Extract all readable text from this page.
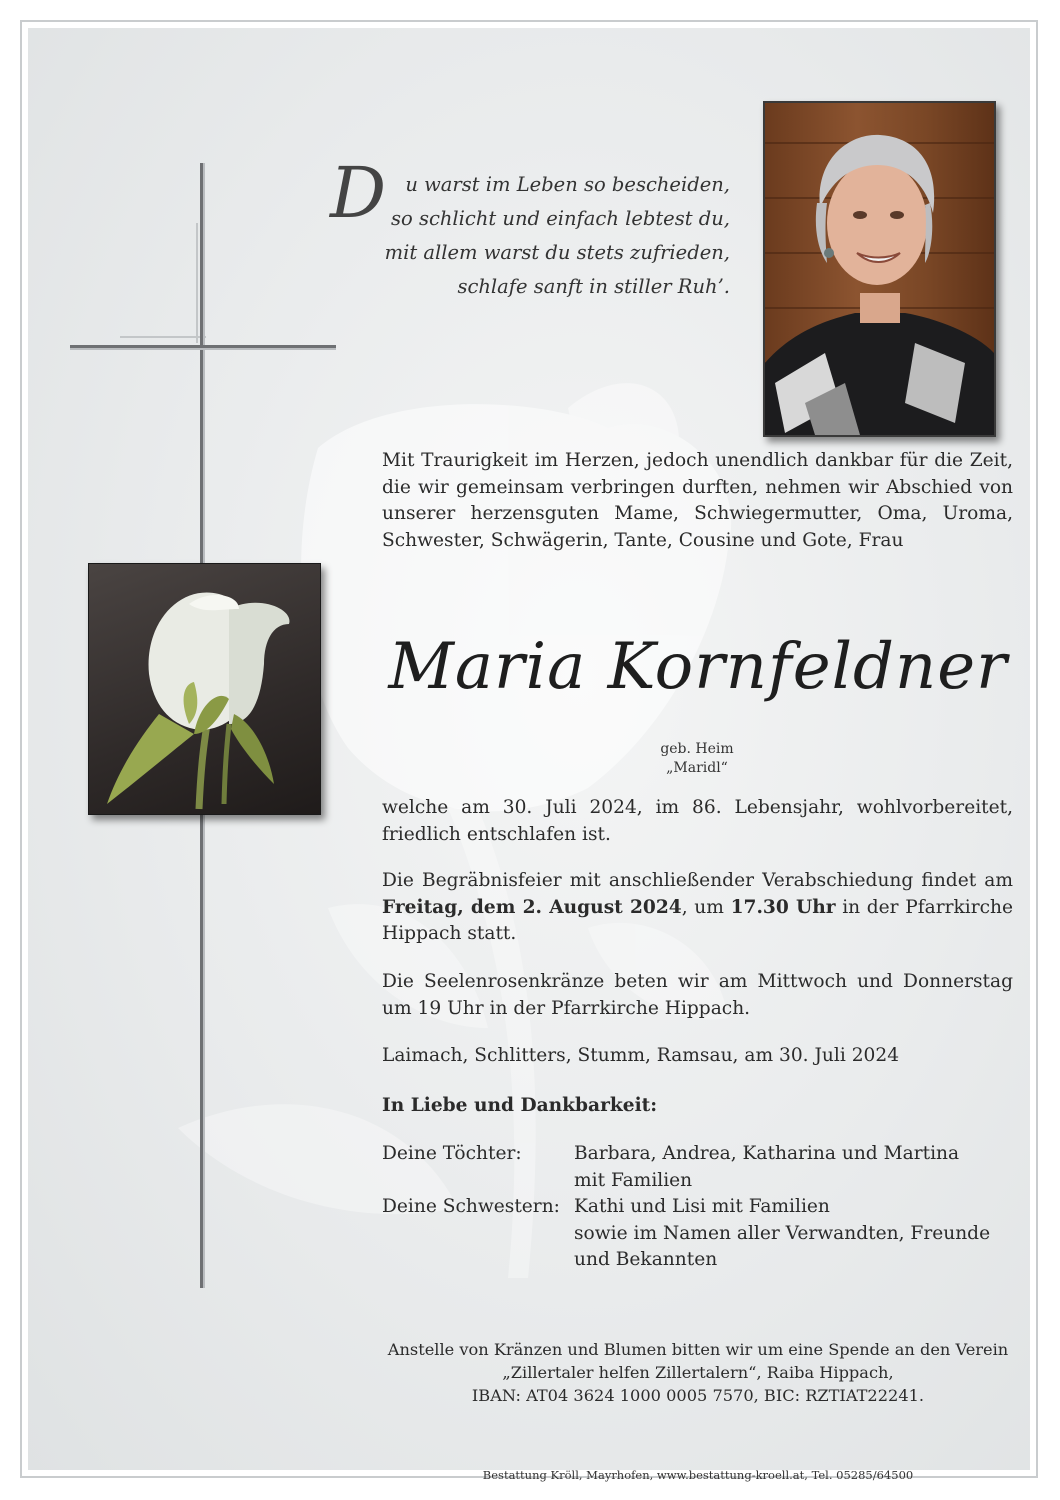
D u warst im Leben so bescheiden,
so schlicht und einfach lebtest du,
mit allem warst du stets zufrieden,
schlafe sanft in stiller Ruh’.
Mit Traurigkeit im Herzen, jedoch unendlich dankbar für die Zeit, die wir gemeinsam verbringen durften, nehmen wir Abschied von unserer herzensguten Mame, Schwiegermutter, Oma, Uroma, Schwester, Schwägerin, Tante, Cousine und Gote, Frau
Maria Kornfeldner
geb. Heim
„Maridl“
welche am 30. Juli 2024, im 86. Lebensjahr, wohlvorbereitet, friedlich entschlafen ist.
Die Begräbnisfeier mit anschließender Verabschiedung findet am Freitag, dem 2. August 2024, um 17.30 Uhr in der Pfarrkirche Hippach statt.
Die Seelenrosenkränze beten wir am Mittwoch und Donnerstag um 19 Uhr in der Pfarrkirche Hippach.
Laimach, Schlitters, Stumm, Ramsau, am 30. Juli 2024
In Liebe und Dankbarkeit:
Deine Töchter:	Barbara, Andrea, Katharina und Martina
mit Familien
Deine Schwestern: Kathi und Lisi mit Familien
sowie im Namen aller Verwandten, Freunde
und Bekannten
Anstelle von Kränzen und Blumen bitten wir um eine Spende an den Verein
„Zillertaler helfen Zillertalern“, Raiba Hippach,
IBAN: AT04 3624 1000 0005 7570, BIC: RZTIAT22241.
Bestattung Kröll, Mayrhofen, www.bestattung-kroell.at, Tel. 05285/64500
